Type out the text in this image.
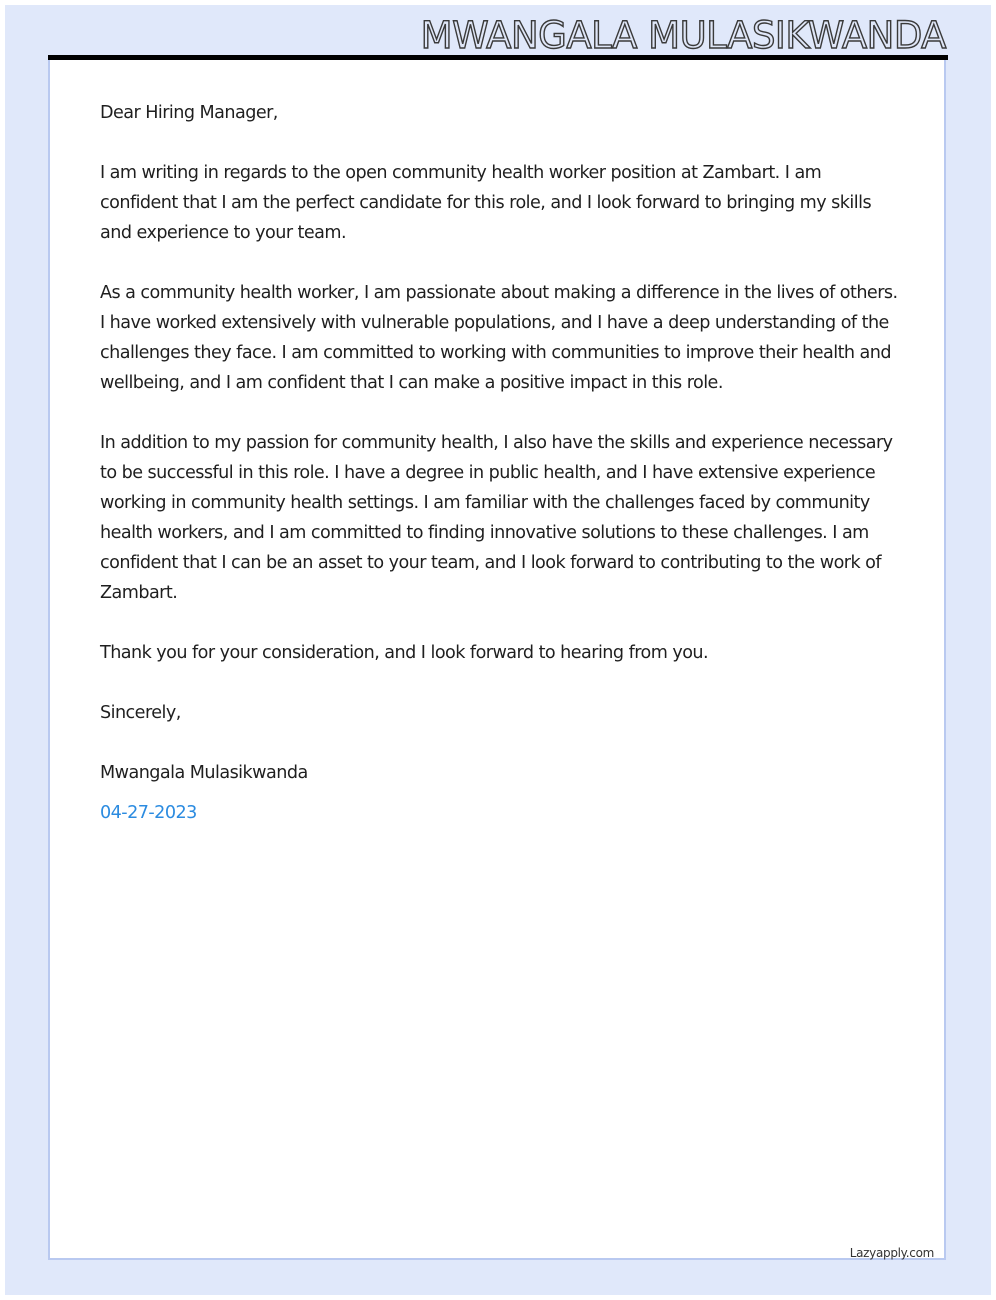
MWANGALA MULASIKWANDA

Dear Hiring Manager,

I am writing in regards to the open community health worker position at Zambart. I am confident that I am the perfect candidate for this role, and I look forward to bringing my skills and experience to your team.

As a community health worker, I am passionate about making a difference in the lives of others. I have worked extensively with vulnerable populations, and I have a deep understanding of the challenges they face. I am committed to working with communities to improve their health and wellbeing, and I am confident that I can make a positive impact in this role.

In addition to my passion for community health, I also have the skills and experience necessary to be successful in this role. I have a degree in public health, and I have extensive experience working in community health settings. I am familiar with the challenges faced by community health workers, and I am committed to finding innovative solutions to these challenges. I am confident that I can be an asset to your team, and I look forward to contributing to the work of Zambart.

Thank you for your consideration, and I look forward to hearing from you.

Sincerely,

Mwangala Mulasikwanda

04-27-2023
Lazyapply.com
